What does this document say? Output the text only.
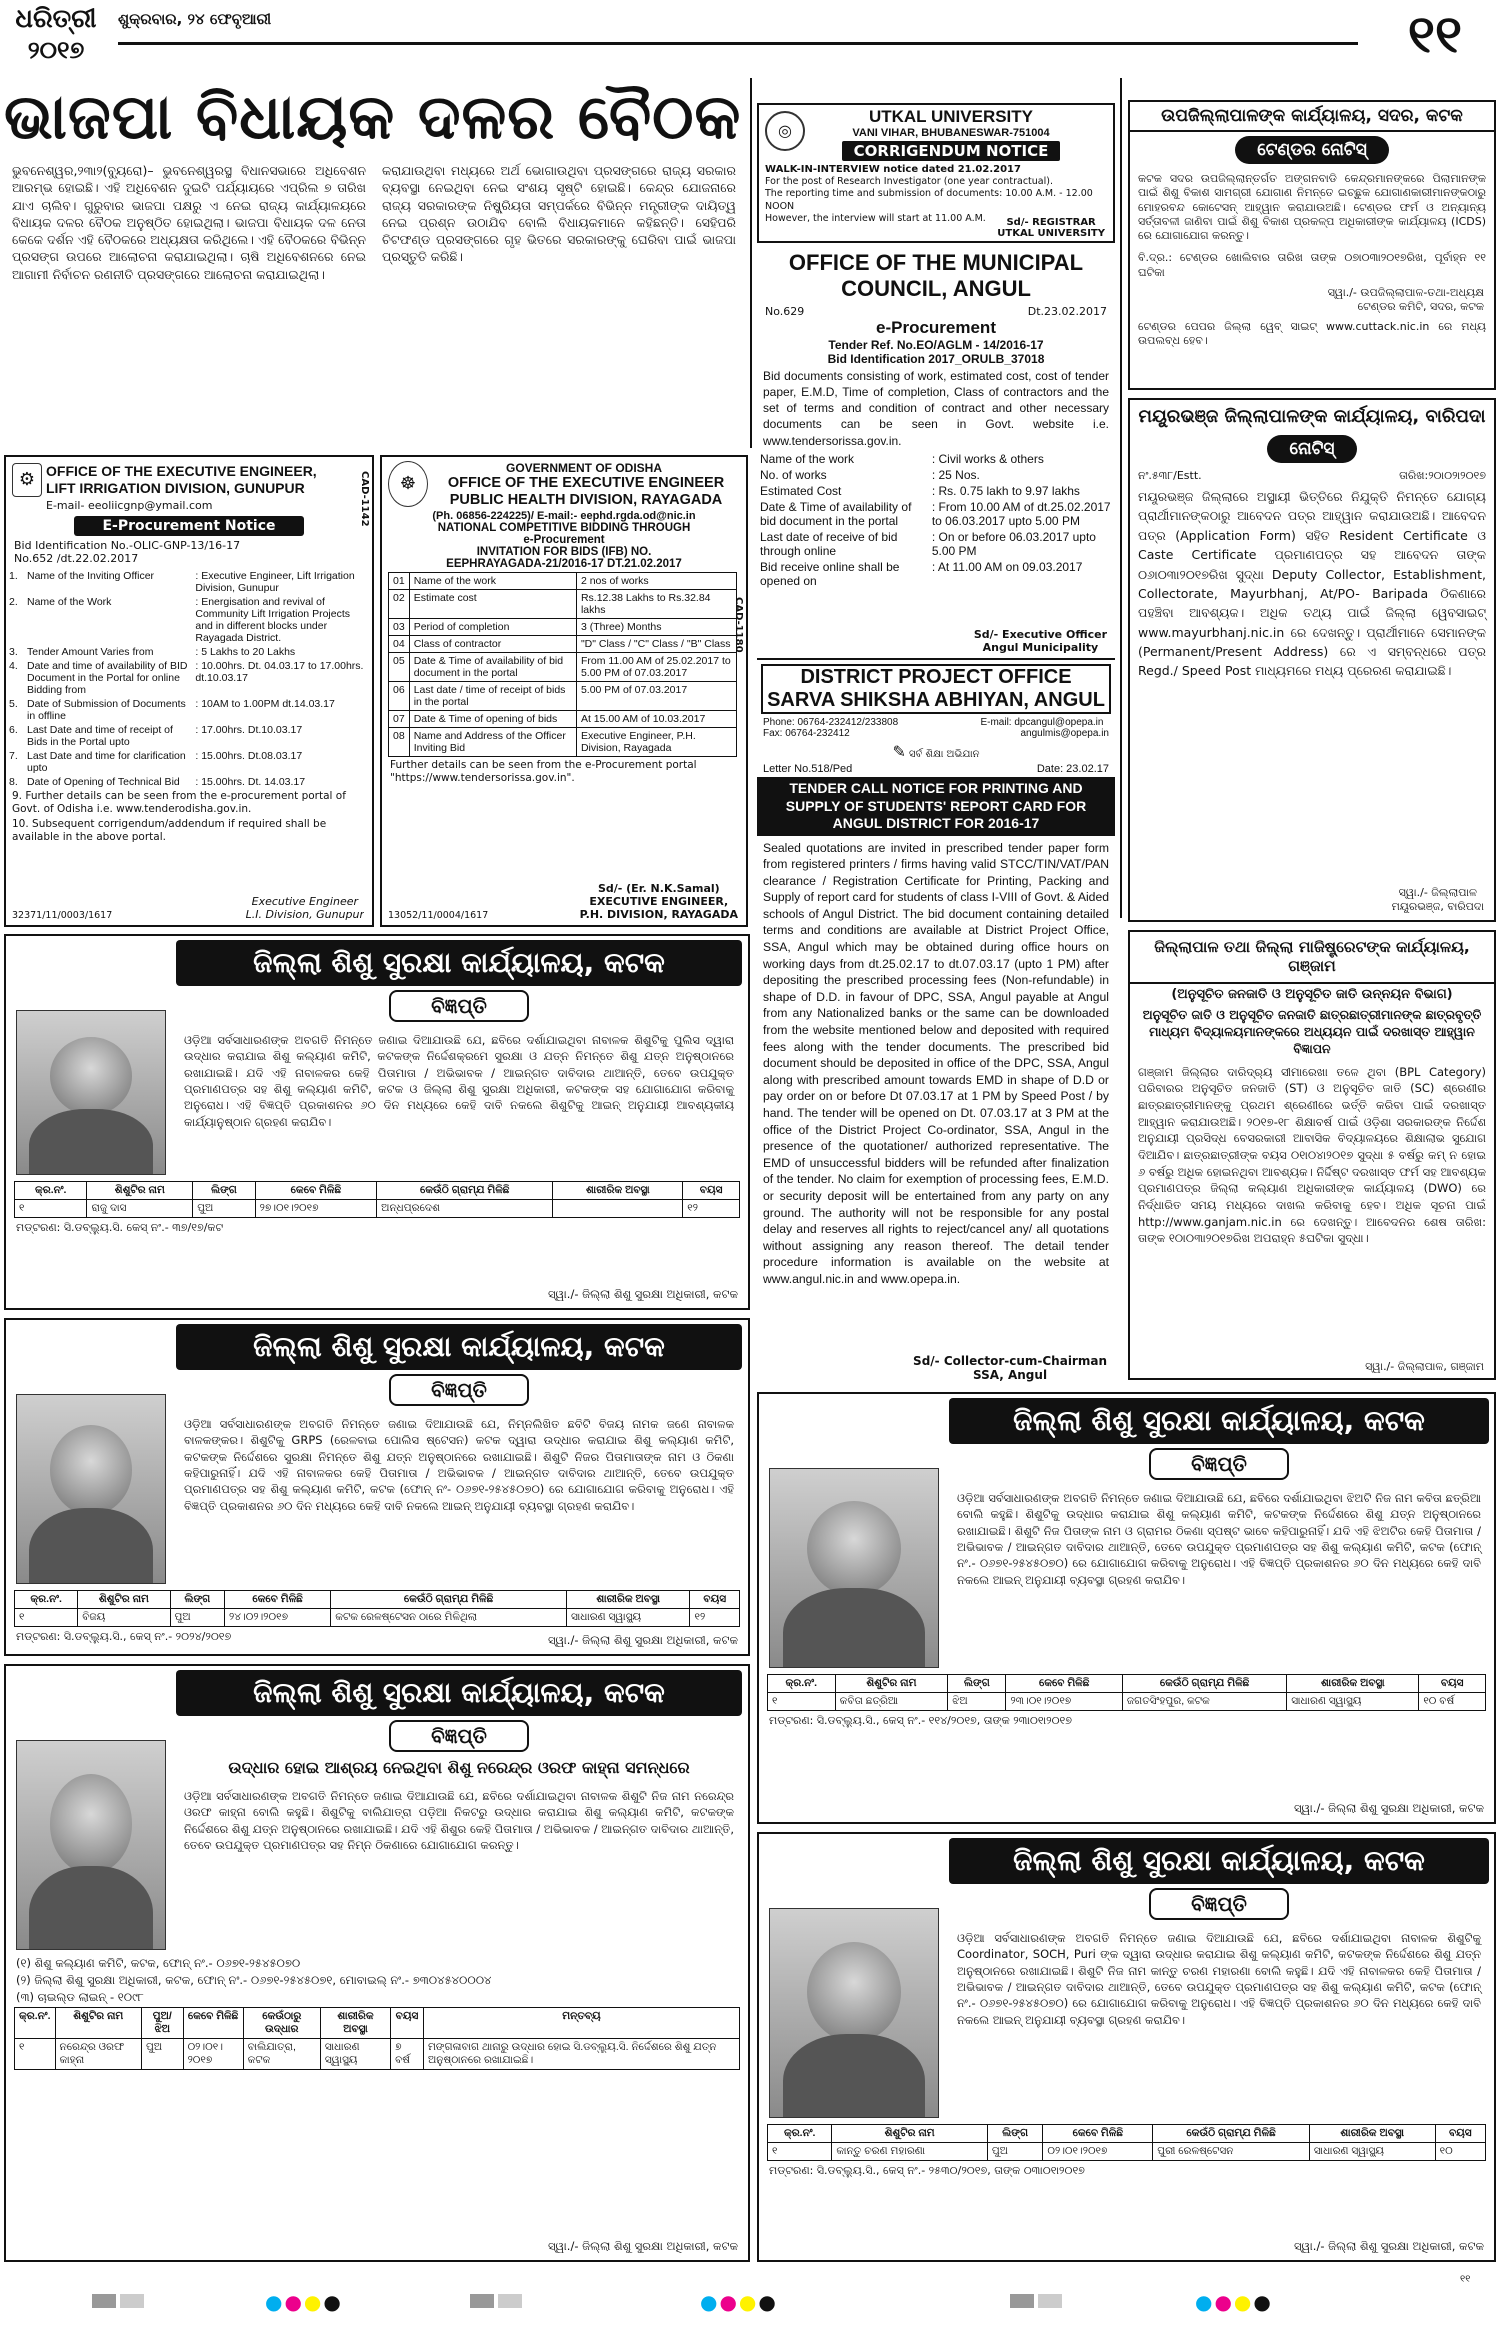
ଧରିତ୍ରୀ
୨୦୧୭
ଶୁକ୍ରବାର, ୨୪ ଫେବୃଆରୀ	୧୧
ଭାଜପା ବିଧାୟକ ଦଳର ବୈଠକ
ଭୁବନେଶ୍ୱର,୨୩ା୨(ବ୍ୟୁରୋ)– ଭୁବନେଶ୍ୱରସ୍ଥ ବିଧାନସଭାରେ ଅଧିବେଶନ ଆରମ୍ଭ ହୋଇଛି। ଏହି ଅଧିବେଶନ ଦୁଇଟି ପର୍ଯ୍ୟାୟରେ ଏପ୍ରିଲ ୭ ତାରିଖ ଯାଏ ଚାଲିବ। ଗୁରୁବାର ଭାଜପା ପକ୍ଷରୁ ଏ ନେଇ ରାଜ୍ୟ କାର୍ଯ୍ୟାଳୟରେ ବିଧାୟକ ଦଳର ବୈଠକ ଅନୁଷ୍ଠିତ ହୋଇଥିଲା। ଭାଜପା ବିଧାୟକ ଦଳ ନେତା କେକେ ଦର୍ଶନ ଏହି ବୈଠକରେ ଅଧ୍ୟକ୍ଷତା କରିଥିଲେ। ଏହି ବୈଠକରେ ବିଭିନ୍ନ ପ୍ରସଙ୍ଗ ଉପରେ ଆଲୋଚନା କରାଯାଇଥିଲା। ଚାଷି ଅଧିବେଶନରେ ନେଇ ଆଗାମୀ ନିର୍ବାଚନ ରଣନୀତି ପ୍ରସଙ୍ଗରେ ଆଲୋଚନା କରାଯାଇଥିଲା।
କରାଯାଉଥିବା ମଧ୍ୟରେ ଅର୍ଥ ଭୋଗାଉଥିବା ପ୍ରସଙ୍ଗରେ ରାଜ୍ୟ ସରକାର ବ୍ୟବସ୍ଥା ନେଇଥିବା ନେଇ ସଂଶୟ ସୃଷ୍ଟି ହୋଇଛି। କେନ୍ଦ୍ର ଯୋଜନାରେ ରାଜ୍ୟ ସରକାରଙ୍କ ନିଷ୍କ୍ରିୟତା ସମ୍ପର୍କରେ ବିଭିନ୍ନ ମନ୍ତ୍ରୀଙ୍କ ଦାୟିତ୍ୱ ନେଇ ପ୍ରଶ୍ନ ଉଠାଯିବ ବୋଲି ବିଧାୟକମାନେ କହିଛନ୍ତି। ସେହିପରି ଚିଟଫଣ୍ଡ ପ୍ରସଙ୍ଗରେ ଗୃହ ଭିତରେ ସରକାରଙ୍କୁ ଘେରିବା ପାଇଁ ଭାଜପା ପ୍ରସ୍ତୁତି କରିଛି।
OFFICE OF THE EXECUTIVE ENGINEER, LIFT IRRIGATION DIVISION, GUNUPUR
⚙
E-mail- eeoliicgnp@ymail.com
E-Procurement Notice
Bid Identification No.-OLIC-GNP-13/16-17
No.652 /dt.22.02.2017
1.	Name of the Inviting Officer	: Executive Engineer, Lift Irrigation Division, Gunupur
2.	Name of the Work	: Energisation and revival of Community Lift Irrigation Projects and in different blocks under Rayagada District.
3.	Tender Amount Varies from	: 5 Lakhs to 20 Lakhs
4.	Date and time of availability of BID Document in the Portal for online Bidding from	: 10.00hrs. Dt. 04.03.17 to 17.00hrs. dt.10.03.17
5.	Date of Submission of Documents in offline	: 10AM to 1.00PM dt.14.03.17
6.	Last Date and time of receipt of Bids in the Portal upto	: 17.00hrs. Dt.10.03.17
7.	Last Date and time for clarification upto	: 15.00hrs. Dt.08.03.17
8.	Date of Opening of Technical Bid	: 15.00hrs. Dt. 14.03.17
9. Further details can be seen from the e-procurement portal of Govt. of Odisha i.e. www.tenderodisha.gov.in.
10. Subsequent corrigendum/addendum if required shall be available in the above portal.
CAD-1142
32371/11/0003/1617
Executive Engineer
L.I. Division, Gunupur
☸
GOVERNMENT OF ODISHA
OFFICE OF THE EXECUTIVE ENGINEER PUBLIC HEALTH DIVISION, RAYAGADA
(Ph. 06856-224225)/ E-mail:- eephd.rgda.od@nic.in
NATIONAL COMPETITIVE BIDDING THROUGH
e-Procurement
INVITATION FOR BIDS (IFB) NO.
EEPHRAYAGADA-21/2016-17 DT.21.02.2017
01	Name of the work	2 nos of works
02	Estimate cost	Rs.12.38 Lakhs to Rs.32.84 lakhs
03	Period of completion	3 (Three) Months
04	Class of contractor	"D" Class / "C" Class / "B" Class
05	Date & Time of availability of bid document in the portal	From 11.00 AM of 25.02.2017 to 5.00 PM of 07.03.2017
06	Last date / time of receipt of bids in the portal	5.00 PM of 07.03.2017
07	Date & Time of opening of bids	At 15.00 AM of 10.03.2017
08	Name and Address of the Officer Inviting Bid	Executive Engineer, P.H. Division, Rayagada
Further details can be seen from the e-Procurement portal "https://www.tendersorissa.gov.in".
CAD-1180
Sd/- (Er. N.K.Samal)
EXECUTIVE ENGINEER,
P.H. DIVISION, RAYAGADA
13052/11/0004/1617
◎
UTKAL UNIVERSITY
VANI VIHAR, BHUBANESWAR-751004
CORRIGENDUM NOTICE
WALK-IN-INTERVIEW notice dated 21.02.2017
For the post of Research Investigator (one year contractual).
The reporting time and submission of documents: 10.00 A.M. - 12.00 NOON
However, the interview will start at 11.00 A.M.	Sd/- REGISTRAR
UTKAL UNIVERSITY
OFFICE OF THE MUNICIPAL COUNCIL, ANGUL
No.629	Dt.23.02.2017
e-Procurement
Tender Ref. No.EO/AGLM - 14/2016-17
Bid Identification 2017_ORULB_37018
Bid documents consisting of work, estimated cost, cost of tender paper, E.M.D, Time of completion, Class of contractors and the set of terms and condition of contract and other necessary documents can be seen in Govt. website i.e. www.tendersorissa.gov.in.
Name of the work	: Civil works & others
No. of works	: 25 Nos.
Estimated Cost	: Rs. 0.75 lakh to 9.97 lakhs
Date & Time of availability of bid document in the portal	: From 10.00 AM of dt.25.02.2017 to 06.03.2017 upto 5.00 PM
Last date of receive of bid through online	: On or before 06.03.2017 upto 5.00 PM
Bid receive online shall be opened on	: At 11.00 AM on 09.03.2017
Sd/- Executive Officer
Angul Municipality
DISTRICT PROJECT OFFICE
SARVA SHIKSHA ABHIYAN, ANGUL
Phone: 06764-232412/233808
Fax: 06764-232412
E-mail: dpcangul@opepa.in
angulmis@opepa.in
✎ ସର୍ବ ଶିକ୍ଷା ଅଭିଯାନ
Letter No.518/Ped	Date: 23.02.17
TENDER CALL NOTICE FOR PRINTING AND SUPPLY OF STUDENTS' REPORT CARD FOR ANGUL DISTRICT FOR 2016-17
Sealed quotations are invited in prescribed tender paper form from registered printers / firms having valid STCC/TIN/VAT/PAN clearance / Registration Certificate for Printing, Packing and Supply of report card for students of class I-VIII of Govt. & Aided schools of Angul District. The bid document containing detailed terms and conditions are available at District Project Office, SSA, Angul which may be obtained during office hours on working days from dt.25.02.17 to dt.07.03.17 (upto 1 PM) after depositing the prescribed processing fees (Non-refundable) in shape of D.D. in favour of DPC, SSA, Angul payable at Angul from any Nationalized banks or the same can be downloaded from the website mentioned below and deposited with required fees along with the tender documents. The prescribed bid document should be deposited in office of the DPC, SSA, Angul along with prescribed amount towards EMD in shape of D.D or pay order on or before Dt 07.03.17 at 1 PM by Speed Post / by hand. The tender will be opened on Dt. 07.03.17 at 3 PM at the office of the District Project Co-ordinator, SSA, Angul in the presence of the quotationer/ authorized representative. The EMD of unsuccessful bidders will be refunded after finalization of the tender. No claim for exemption of processing fees, E.M.D. or security deposit will be entertained from any party on any ground. The authority will not be responsible for any postal delay and reserves all rights to reject/cancel any/ all quotations without assigning any reason thereof. The detail tender procedure information is available on the website at www.angul.nic.in and www.opepa.in.
Sd/- Collector-cum-Chairman
SSA, Angul
ଉପଜିଲ୍ଲାପାଳଙ୍କ କାର୍ଯ୍ୟାଳୟ, ସଦର, କଟକ
ଟେଣ୍ଡର ନୋଟିସ୍
କଟକ ସଦର ଉପଜିଲ୍ଲାନ୍ତର୍ଗତ ଅଙ୍ଗନବାଡି କେନ୍ଦ୍ରମାନଙ୍କରେ ପିଲାମାନଙ୍କ ପାଇଁ ଶିଶୁ ବିକାଶ ସାମଗ୍ରୀ ଯୋଗାଣ ନିମନ୍ତେ ଇଚ୍ଛୁକ ଯୋଗାଣକାରୀମାନଙ୍କଠାରୁ ମୋହରବନ୍ଦ କୋଟେସନ୍ ଆହ୍ୱାନ କରାଯାଉଅଛି। ଟେଣ୍ଡର ଫର୍ମ ଓ ଅନ୍ୟାନ୍ୟ ସର୍ତ୍ତାବଳୀ ଜାଣିବା ପାଇଁ ଶିଶୁ ବିକାଶ ପ୍ରକଳ୍ପ ଅଧିକାରୀଙ୍କ କାର୍ଯ୍ୟାଳୟ (ICDS) ରେ ଯୋଗାଯୋଗ କରନ୍ତୁ।
ବି.ଦ୍ର.: ଟେଣ୍ଡର ଖୋଲିବାର ତାରିଖ ତାଙ୍କ ୦୭ା୦୩ା୨୦୧୭ରିଖ, ପୂର୍ବାହ୍ନ ୧୧ ଘଟିକା
ସ୍ୱା./- ଉପଜିଲ୍ଲାପାଳ-ତଥା-ଅଧ୍ୟକ୍ଷ
ଟେଣ୍ଡର କମିଟି, ସଦର, କଟକ
ଟେଣ୍ଡର ପେପର ଜିଲ୍ଲା ୱେବ୍ ସାଇଟ୍ www.cuttack.nic.in ରେ ମଧ୍ୟ ଉପଲବ୍ଧ ହେବ।
ମୟୂରଭଞ୍ଜ ଜିଲ୍ଲାପାଳଙ୍କ କାର୍ଯ୍ୟାଳୟ, ବାରିପଦା
ନୋଟିସ୍
ନଂ.୫୩୮/Estt.	ତାରିଖ:୨୦ା୦୨ା୨୦୧୭
ମୟୂରଭଞ୍ଜ ଜିଲ୍ଲାରେ ଅସ୍ଥାୟୀ ଭିତ୍ତିରେ ନିଯୁକ୍ତି ନିମନ୍ତେ ଯୋଗ୍ୟ ପ୍ରାର୍ଥୀମାନଙ୍କଠାରୁ ଆବେଦନ ପତ୍ର ଆହ୍ୱାନ କରାଯାଉଅଛି। ଆବେଦନ ପତ୍ର (Application Form) ସହିତ Resident Certificate ଓ Caste Certificate ପ୍ରମାଣପତ୍ର ସହ ଆବେଦନ ତାଙ୍କ ୦୬ା୦୩ା୨୦୧୭ରିଖ ସୁଦ୍ଧା Deputy Collector, Establishment, Collectorate, Mayurbhanj, At/PO- Baripada ଠିକଣାରେ ପହଞ୍ଚିବା ଆବଶ୍ୟକ। ଅଧିକ ତଥ୍ୟ ପାଇଁ ଜିଲ୍ଲା ୱେବସାଇଟ୍ www.mayurbhanj.nic.in ରେ ଦେଖନ୍ତୁ। ପ୍ରାର୍ଥୀମାନେ ସେମାନଙ୍କ (Permanent/Present Address) ରେ ଏ ସମ୍ବନ୍ଧରେ ପତ୍ର Regd./ Speed Post ମାଧ୍ୟମରେ ମଧ୍ୟ ପ୍ରେରଣ କରାଯାଇଛି।
ସ୍ୱା./- ଜିଲ୍ଲାପାଳ
ମୟୂରଭଞ୍ଜ, ବାରିପଦା
ଜିଲ୍ଲାପାଳ ତଥା ଜିଲ୍ଲା ମାଜିଷ୍ଟ୍ରେଟଙ୍କ କାର୍ଯ୍ୟାଳୟ, ଗଞ୍ଜାମ
(ଅନୁସୂଚିତ ଜନଜାତି ଓ ଅନୁସୂଚିତ ଜାତି ଉନ୍ନୟନ ବିଭାଗ)
ଅନୁସୂଚିତ ଜାତି ଓ ଅନୁସୂଚିତ ଜନଜାତି ଛାତ୍ରଛାତ୍ରୀମାନଙ୍କ ଛାତ୍ରବୃତ୍ତି ମାଧ୍ୟମ ବିଦ୍ୟାଳୟମାନଙ୍କରେ ଅଧ୍ୟୟନ ପାଇଁ ଦରଖାସ୍ତ ଆହ୍ୱାନ ବିଜ୍ଞାପନ
ଗଞ୍ଜାମ ଜିଲ୍ଲାର ଦାରିଦ୍ର୍ୟ ସୀମାରେଖା ତଳେ ଥିବା (BPL Category) ପରିବାରର ଅନୁସୂଚିତ ଜନଜାତି (ST) ଓ ଅନୁସୂଚିତ ଜାତି (SC) ଶ୍ରେଣୀର ଛାତ୍ରଛାତ୍ରୀମାନଙ୍କୁ ପ୍ରଥମ ଶ୍ରେଣୀରେ ଭର୍ତ୍ତି କରିବା ପାଇଁ ଦରଖାସ୍ତ ଆହ୍ୱାନ କରାଯାଉଅଛି। ୨୦୧୭-୧୮ ଶିକ୍ଷାବର୍ଷ ପାଇଁ ଓଡ଼ିଶା ସରକାରଙ୍କ ନିର୍ଦ୍ଦେଶ ଅନୁଯାୟୀ ପ୍ରସିଦ୍ଧ ବେସରକାରୀ ଆବାସିକ ବିଦ୍ୟାଳୟରେ ଶିକ୍ଷାଲାଭ ସୁଯୋଗ ଦିଆଯିବ। ଛାତ୍ରଛାତ୍ରୀଙ୍କ ବୟସ ୦୧ା୦୪ା୨୦୧୭ ସୁଦ୍ଧା ୫ ବର୍ଷରୁ କମ୍ ନ ହୋଇ ୬ ବର୍ଷରୁ ଅଧିକ ହୋଇନଥିବା ଆବଶ୍ୟକ। ନିର୍ଦ୍ଦିଷ୍ଟ ଦରଖାସ୍ତ ଫର୍ମ ସହ ଆବଶ୍ୟକ ପ୍ରମାଣପତ୍ର ଜିଲ୍ଲା କଲ୍ୟାଣ ଅଧିକାରୀଙ୍କ କାର୍ଯ୍ୟାଳୟ (DWO) ରେ ନିର୍ଦ୍ଧାରିତ ସମୟ ମଧ୍ୟରେ ଦାଖଲ କରିବାକୁ ହେବ। ଅଧିକ ସୂଚନା ପାଇଁ http://www.ganjam.nic.in ରେ ଦେଖନ୍ତୁ। ଆବେଦନର ଶେଷ ତାରିଖ: ତାଙ୍କ ୧୦ା୦୩ା୨୦୧୭ରିଖ ଅପରାହ୍ନ ୫ଘଟିକା ସୁଦ୍ଧା।
ସ୍ୱା./- ଜିଲ୍ଲାପାଳ, ଗଞ୍ଜାମ
ଜିଲ୍ଲା ଶିଶୁ ସୁରକ୍ଷା କାର୍ଯ୍ୟାଳୟ, କଟକ
ବିଜ୍ଞପ୍ତି
ଓଡ଼ିଆ ସର୍ବସାଧାରଣଙ୍କ ଅବଗତି ନିମନ୍ତେ ଜଣାଇ ଦିଆଯାଉଛି ଯେ, ଛବିରେ ଦର୍ଶାଯାଇଥିବା ନାବାଳକ ଶିଶୁଟିକୁ ପୁଲିସ ଦ୍ୱାରା ଉଦ୍ଧାର କରାଯାଇ ଶିଶୁ କଲ୍ୟାଣ କମିଟି, କଟକଙ୍କ ନିର୍ଦ୍ଦେଶକ୍ରମେ ସୁରକ୍ଷା ଓ ଯତ୍ନ ନିମନ୍ତେ ଶିଶୁ ଯତ୍ନ ଅନୁଷ୍ଠାନରେ ରଖାଯାଇଛି। ଯଦି ଏହି ନାବାଳକର କେହି ପିତାମାତା / ଅଭିଭାବକ / ଆଇନ୍‌ଗତ ଦାବିଦାର ଥାଆନ୍ତି, ତେବେ ଉପଯୁକ୍ତ ପ୍ରମାଣପତ୍ର ସହ ଶିଶୁ କଲ୍ୟାଣ କମିଟି, କଟକ ଓ ଜିଲ୍ଲା ଶିଶୁ ସୁରକ୍ଷା ଅଧିକାରୀ, କଟକଙ୍କ ସହ ଯୋଗାଯୋଗ କରିବାକୁ ଅନୁରୋଧ। ଏହି ବିଜ୍ଞପ୍ତି ପ୍ରକାଶନର ୬୦ ଦିନ ମଧ୍ୟରେ କେହି ଦାବି ନକଲେ ଶିଶୁଟିକୁ ଆଇନ୍‌ ଅନୁଯାୟୀ ଆବଶ୍ୟକୀୟ କାର୍ଯ୍ୟାନୁଷ୍ଠାନ ଗ୍ରହଣ କରାଯିବ।
କ୍ର.ନଂ.	ଶିଶୁଟିର ନାମ	ଲିଙ୍ଗ	କେବେ ମିଳିଛି	କେଉଁଠି ଗ୍ରାମ୍ଯ ମିଳିଛି	ଶାରୀରିକ ଅବସ୍ଥା	ବୟସ
୧	ରାଜୁ ଦାସ	ପୁଅ	୨୭।୦୧।୨୦୧୭	ଅନ୍ଧପ୍ରଦେଶ		୧୨
ମଡ୍ଟରଣ: ସି.ଡବ୍ଲ୍ୟୁ.ସି. କେସ୍ ନଂ.- ୩୭/୧୭/କଟ
ସ୍ୱା./- ଜିଲ୍ଲା ଶିଶୁ ସୁରକ୍ଷା ଅଧିକାରୀ, କଟକ
ଜିଲ୍ଲା ଶିଶୁ ସୁରକ୍ଷା କାର୍ଯ୍ୟାଳୟ, କଟକ
ବିଜ୍ଞପ୍ତି
ଓଡ଼ିଆ ସର୍ବସାଧାରଣଙ୍କ ଅବଗତି ନିମନ୍ତେ ଜଣାଇ ଦିଆଯାଉଛି ଯେ, ନିମ୍ନଲିଖିତ ଛବିଟି ବିଜୟ ନାମକ ଜଣେ ନାବାଳକ ବାଳକଙ୍କର। ଶିଶୁଟିକୁ GRPS (ରେଳବାଇ ପୋଲିସ ଷ୍ଟେସନ) କଟକ ଦ୍ୱାରା ଉଦ୍ଧାର କରାଯାଇ ଶିଶୁ କଲ୍ୟାଣ କମିଟି, କଟକଙ୍କ ନିର୍ଦ୍ଦେଶରେ ସୁରକ୍ଷା ନିମନ୍ତେ ଶିଶୁ ଯତ୍ନ ଅନୁଷ୍ଠାନରେ ରଖାଯାଇଛି। ଶିଶୁଟି ନିଜର ପିତାମାତାଙ୍କ ନାମ ଓ ଠିକଣା କହିପାରୁନାହିଁ। ଯଦି ଏହି ନାବାଳକର କେହି ପିତାମାତା / ଅଭିଭାବକ / ଆଇନ୍‌ଗତ ଦାବିଦାର ଥାଆନ୍ତି, ତେବେ ଉପଯୁକ୍ତ ପ୍ରମାଣପତ୍ର ସହ ଶିଶୁ କଲ୍ୟାଣ କମିଟି, କଟକ (ଫୋନ୍ ନଂ- ୦୬୭୧-୨୫୪୫୦୭୦) ରେ ଯୋଗାଯୋଗ କରିବାକୁ ଅନୁରୋଧ। ଏହି ବିଜ୍ଞପ୍ତି ପ୍ରକାଶନର ୬୦ ଦିନ ମଧ୍ୟରେ କେହି ଦାବି ନକଲେ ଆଇନ୍‌ ଅନୁଯାୟୀ ବ୍ୟବସ୍ଥା ଗ୍ରହଣ କରାଯିବ।
କ୍ର.ନଂ.	ଶିଶୁଟିର ନାମ	ଲିଙ୍ଗ	କେବେ ମିଳିଛି	କେଉଁଠି ଗ୍ରାମ୍ଯ ମିଳିଛି	ଶାରୀରିକ ଅବସ୍ଥା	ବୟସ
୧	ବିଜୟ	ପୁଅ	୨୪।୦୨।୨୦୧୭	କଟକ ରେଳଷ୍ଟେସନ ଠାରେ ମିଳିଥିଲା	ସାଧାରଣ ସ୍ୱାସ୍ଥ୍ୟ	୧୨
ମଡ୍ଟରଣ: ସି.ଡବ୍ଲ୍ୟୁ.ସି., କେସ୍ ନଂ.- ୨୦୨୪/୨୦୧୭	ସ୍ୱା./- ଜିଲ୍ଲା ଶିଶୁ ସୁରକ୍ଷା ଅଧିକାରୀ, କଟକ
ଜିଲ୍ଲା ଶିଶୁ ସୁରକ୍ଷା କାର୍ଯ୍ୟାଳୟ, କଟକ
ବିଜ୍ଞପ୍ତି
ଉଦ୍ଧାର ହୋଇ ଆଶ୍ରୟ ନେଇଥିବା ଶିଶୁ ନରେନ୍ଦ୍ର ଓରଫ କାହ୍ନା ସମନ୍ଧରେ
ଓଡ଼ିଆ ସର୍ବସାଧାରଣଙ୍କ ଅବଗତି ନିମନ୍ତେ ଜଣାଇ ଦିଆଯାଉଛି ଯେ, ଛବିରେ ଦର୍ଶାଯାଇଥିବା ନାବାଳକ ଶିଶୁଟି ନିଜ ନାମ ନରେନ୍ଦ୍ର ଓରଫ କାହ୍ନା ବୋଲି କହୁଛି। ଶିଶୁଟିକୁ ବାଲିଯାତ୍ରା ପଡ଼ିଆ ନିକଟରୁ ଉଦ୍ଧାର କରାଯାଇ ଶିଶୁ କଲ୍ୟାଣ କମିଟି, କଟକଙ୍କ ନିର୍ଦ୍ଦେଶରେ ଶିଶୁ ଯତ୍ନ ଅନୁଷ୍ଠାନରେ ରଖାଯାଇଛି। ଯଦି ଏହି ଶିଶୁର କେହି ପିତାମାତା / ଅଭିଭାବକ / ଆଇନ୍‌ଗତ ଦାବିଦାର ଥାଆନ୍ତି, ତେବେ ଉପଯୁକ୍ତ ପ୍ରମାଣପତ୍ର ସହ ନିମ୍ନ ଠିକଣାରେ ଯୋଗାଯୋଗ କରନ୍ତୁ।
(୧) ଶିଶୁ କଲ୍ୟାଣ କମିଟି, କଟକ, ଫୋନ୍ ନଂ.- ୦୬୭୧-୨୫୪୫୦୭୦
(୨) ଜିଲ୍ଲା ଶିଶୁ ସୁରକ୍ଷା ଅଧିକାରୀ, କଟକ, ଫୋନ୍ ନଂ.- ୦୬୭୧-୨୫୪୫୦୭୧, ମୋବାଇଲ୍ ନଂ.- ୭୩୦୪୫୪୦୦୦୪
(୩) ଚାଇଲ୍ଡ ଲାଇନ୍ - ୧୦୯୮
କ୍ର.ନଂ.	ଶିଶୁଟିର ନାମ	ପୁଅ/ ଝିଅ	କେବେ ମିଳିଛି	କେଉଁଠାରୁ ଉଦ୍ଧାର	ଶାରୀରିକ ଅବସ୍ଥା	ବୟସ	ମନ୍ତବ୍ୟ
୧	ନରେନ୍ଦ୍ର ଓରଫ କାହ୍ନା	ପୁଅ	୦୨।୦୧।୨୦୧୭	ବାଲିଯାତ୍ରା, କଟକ	ସାଧାରଣ ସ୍ୱାସ୍ଥ୍ୟ	୭ ବର୍ଷ	ମଙ୍ଗଳାବାଗ ଥାନାରୁ ଉଦ୍ଧାର ହୋଇ ସି.ଡବ୍ଲ୍ୟୁ.ସି. ନିର୍ଦ୍ଦେଶରେ ଶିଶୁ ଯତ୍ନ ଅନୁଷ୍ଠାନରେ ରଖାଯାଇଛି।
ସ୍ୱା./- ଜିଲ୍ଲା ଶିଶୁ ସୁରକ୍ଷା ଅଧିକାରୀ, କଟକ
ଜିଲ୍ଲା ଶିଶୁ ସୁରକ୍ଷା କାର୍ଯ୍ୟାଳୟ, କଟକ
ବିଜ୍ଞପ୍ତି
ଓଡ଼ିଆ ସର୍ବସାଧାରଣଙ୍କ ଅବଗତି ନିମନ୍ତେ ଜଣାଇ ଦିଆଯାଉଛି ଯେ, ଛବିରେ ଦର୍ଶାଯାଇଥିବା ଝିଅଟି ନିଜ ନାମ କବିତା ଛତ୍ରିଆ ବୋଲି କହୁଛି। ଶିଶୁଟିକୁ ଉଦ୍ଧାର କରାଯାଇ ଶିଶୁ କଲ୍ୟାଣ କମିଟି, କଟକଙ୍କ ନିର୍ଦ୍ଦେଶରେ ଶିଶୁ ଯତ୍ନ ଅନୁଷ୍ଠାନରେ ରଖାଯାଇଛି। ଶିଶୁଟି ନିଜ ପିତାଙ୍କ ନାମ ଓ ଗ୍ରାମର ଠିକଣା ସ୍ପଷ୍ଟ ଭାବେ କହିପାରୁନାହିଁ। ଯଦି ଏହି ଝିଅଟିର କେହି ପିତାମାତା / ଅଭିଭାବକ / ଆଇନ୍‌ଗତ ଦାବିଦାର ଥାଆନ୍ତି, ତେବେ ଉପଯୁକ୍ତ ପ୍ରମାଣପତ୍ର ସହ ଶିଶୁ କଲ୍ୟାଣ କମିଟି, କଟକ (ଫୋନ୍ ନଂ.- ୦୬୭୧-୨୫୪୫୦୭୦) ରେ ଯୋଗାଯୋଗ କରିବାକୁ ଅନୁରୋଧ। ଏହି ବିଜ୍ଞପ୍ତି ପ୍ରକାଶନର ୬୦ ଦିନ ମଧ୍ୟରେ କେହି ଦାବି ନକଲେ ଆଇନ୍‌ ଅନୁଯାୟୀ ବ୍ୟବସ୍ଥା ଗ୍ରହଣ କରାଯିବ।
କ୍ର.ନଂ.	ଶିଶୁଟିର ନାମ	ଲିଙ୍ଗ	କେବେ ମିଳିଛି	କେଉଁଠି ଗ୍ରାମ୍ଯ ମିଳିଛି	ଶାରୀରିକ ଅବସ୍ଥା	ବୟସ
୧	କବିତା ଛତ୍ରିଆ	ଝିଅ	୨୩।୦୧।୨୦୧୭	ଜଗତସିଂହପୁର, କଟକ	ସାଧାରଣ ସ୍ୱାସ୍ଥ୍ୟ	୧୦ ବର୍ଷ
ମଡ୍ଟରଣ: ସି.ଡବ୍ଲ୍ୟୁ.ସି., କେସ୍ ନଂ.- ୧୧୪/୨୦୧୭, ତାଙ୍କ ୨୩ା୦୧ା୨୦୧୭
ସ୍ୱା./- ଜିଲ୍ଲା ଶିଶୁ ସୁରକ୍ଷା ଅଧିକାରୀ, କଟକ
ଜିଲ୍ଲା ଶିଶୁ ସୁରକ୍ଷା କାର୍ଯ୍ୟାଳୟ, କଟକ
ବିଜ୍ଞପ୍ତି
ଓଡ଼ିଆ ସର୍ବସାଧାରଣଙ୍କ ଅବଗତି ନିମନ୍ତେ ଜଣାଇ ଦିଆଯାଉଛି ଯେ, ଛବିରେ ଦର୍ଶାଯାଇଥିବା ନାବାଳକ ଶିଶୁଟିକୁ Coordinator, SOCH, Puri ଙ୍କ ଦ୍ୱାରା ଉଦ୍ଧାର କରାଯାଇ ଶିଶୁ କଲ୍ୟାଣ କମିଟି, କଟକଙ୍କ ନିର୍ଦ୍ଦେଶରେ ଶିଶୁ ଯତ୍ନ ଅନୁଷ୍ଠାନରେ ରଖାଯାଇଛି। ଶିଶୁଟି ନିଜ ନାମ କାନ୍ତୁ ଚରଣ ମହାରଣା ବୋଲି କହୁଛି। ଯଦି ଏହି ନାବାଳକର କେହି ପିତାମାତା / ଅଭିଭାବକ / ଆଇନ୍‌ଗତ ଦାବିଦାର ଥାଆନ୍ତି, ତେବେ ଉପଯୁକ୍ତ ପ୍ରମାଣପତ୍ର ସହ ଶିଶୁ କଲ୍ୟାଣ କମିଟି, କଟକ (ଫୋନ୍ ନଂ.- ୦୬୭୧-୨୫୪୫୦୭୦) ରେ ଯୋଗାଯୋଗ କରିବାକୁ ଅନୁରୋଧ। ଏହି ବିଜ୍ଞପ୍ତି ପ୍ରକାଶନର ୬୦ ଦିନ ମଧ୍ୟରେ କେହି ଦାବି ନକଲେ ଆଇନ୍‌ ଅନୁଯାୟୀ ବ୍ୟବସ୍ଥା ଗ୍ରହଣ କରାଯିବ।
କ୍ର.ନଂ.	ଶିଶୁଟିର ନାମ	ଲିଙ୍ଗ	କେବେ ମିଳିଛି	କେଉଁଠି ଗ୍ରାମ୍ଯ ମିଳିଛି	ଶାରୀରିକ ଅବସ୍ଥା	ବୟସ
୧	କାନ୍ତୁ ଚରଣ ମହାରଣା	ପୁଅ	୦୨।୦୧।୨୦୧୭	ପୁରୀ ରେଳଷ୍ଟେସନ	ସାଧାରଣ ସ୍ୱାସ୍ଥ୍ୟ	୧୦
ମଡ୍ଟରଣ: ସି.ଡବ୍ଲ୍ୟୁ.ସି., କେସ୍ ନଂ.- ୨୫୩୦/୨୦୧୭, ତାଙ୍କ ୦୩ା୦୧ା୨୦୧୭
ସ୍ୱା./- ଜିଲ୍ଲା ଶିଶୁ ସୁରକ୍ଷା ଅଧିକାରୀ, କଟକ
●●●●	●●●●	●●●●
୧୧
